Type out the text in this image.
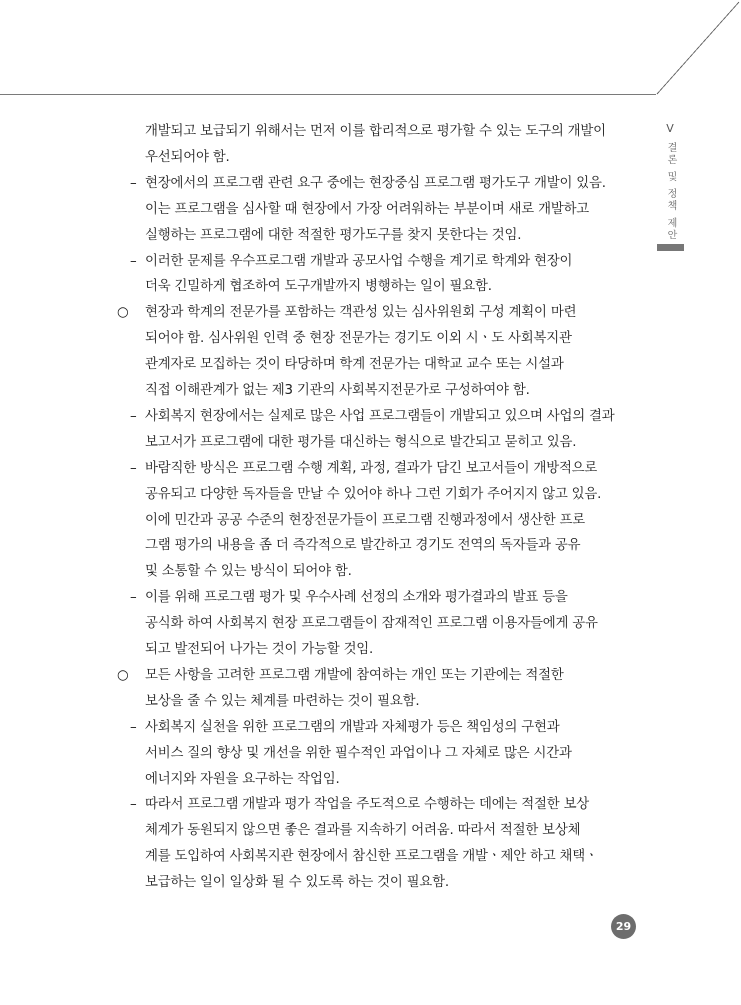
V
결론 및 정책 제안
개발되고 보급되기 위해서는 먼저 이를 합리적으로 평가할 수 있는 도구의 개발이
우선되어야 함.
– 현장에서의 프로그램 관련 요구 중에는 현장중심 프로그램 평가도구 개발이 있음.
이는 프로그램을 심사할 때 현장에서 가장 어려워하는 부분이며 새로 개발하고
실행하는 프로그램에 대한 적절한 평가도구를 찾지 못한다는 것임.
– 이러한 문제를 우수프로그램 개발과 공모사업 수행을 계기로 학계와 현장이
더욱 긴밀하게 협조하여 도구개발까지 병행하는 일이 필요함.
○ 현장과 학계의 전문가를 포함하는 객관성 있는 심사위원회 구성 계획이 마련
되어야 함. 심사위원 인력 중 현장 전문가는 경기도 이외 시ㆍ도 사회복지관
관계자로 모집하는 것이 타당하며 학계 전문가는 대학교 교수 또는 시설과
직접 이해관계가 없는 제3 기관의 사회복지전문가로 구성하여야 함.
– 사회복지 현장에서는 실제로 많은 사업 프로그램들이 개발되고 있으며 사업의 결과
보고서가 프로그램에 대한 평가를 대신하는 형식으로 발간되고 묻히고 있음.
– 바람직한 방식은 프로그램 수행 계획, 과정, 결과가 담긴 보고서들이 개방적으로
공유되고 다양한 독자들을 만날 수 있어야 하나 그런 기회가 주어지지 않고 있음.
이에 민간과 공공 수준의 현장전문가들이 프로그램 진행과정에서 생산한 프로
그램 평가의 내용을 좀 더 즉각적으로 발간하고 경기도 전역의 독자들과 공유
및 소통할 수 있는 방식이 되어야 함.
– 이를 위해 프로그램 평가 및 우수사례 선정의 소개와 평가결과의 발표 등을
공식화 하여 사회복지 현장 프로그램들이 잠재적인 프로그램 이용자들에게 공유
되고 발전되어 나가는 것이 가능할 것임.
○ 모든 사항을 고려한 프로그램 개발에 참여하는 개인 또는 기관에는 적절한
보상을 줄 수 있는 체계를 마련하는 것이 필요함.
– 사회복지 실천을 위한 프로그램의 개발과 자체평가 등은 책임성의 구현과
서비스 질의 향상 및 개선을 위한 필수적인 과업이나 그 자체로 많은 시간과
에너지와 자원을 요구하는 작업임.
– 따라서 프로그램 개발과 평가 작업을 주도적으로 수행하는 데에는 적절한 보상
체계가 동원되지 않으면 좋은 결과를 지속하기 어려움. 따라서 적절한 보상체
계를 도입하여 사회복지관 현장에서 참신한 프로그램을 개발ㆍ제안 하고 채택ㆍ
보급하는 일이 일상화 될 수 있도록 하는 것이 필요함.
29
